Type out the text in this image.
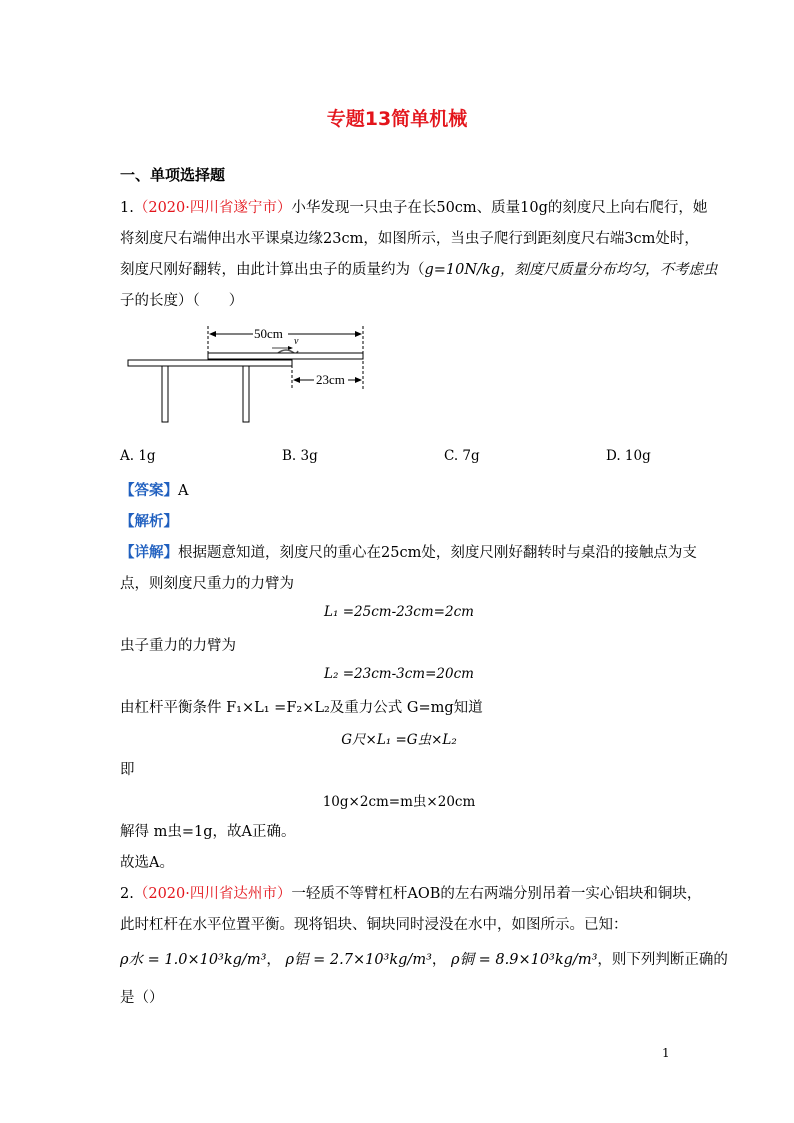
专题13简单机械
一、单项选择题
1.（2020·四川省遂宁市）小华发现一只虫子在长50cm、质量10g的刻度尺上向右爬行，她
将刻度尺右端伸出水平课桌边缘23cm，如图所示，当虫子爬行到距刻度尺右端3cm处时，
刻度尺刚好翻转，由此计算出虫子的质量约为（g=10N/kg，刻度尺质量分布均匀，不考虑虫
子的长度）（　　）
50cm
v
23cm
A. 1g	B. 3g	C. 7g	D. 10g
【答案】A
【解析】
【详解】根据题意知道，刻度尺的重心在25cm处，刻度尺刚好翻转时与桌沿的接触点为支
点，则刻度尺重力的力臂为
L₁ =25cm-23cm=2cm
虫子重力的力臂为
L₂ =23cm-3cm=20cm
由杠杆平衡条件 F₁×L₁ =F₂×L₂及重力公式 G=mg知道
G尺×L₁ =G虫×L₂
即
10g×2cm=m虫×20cm
解得 m虫=1g，故A正确。
故选A。
2.（2020·四川省达州市）一轻质不等臂杠杆AOB的左右两端分别吊着一实心铝块和铜块，
此时杠杆在水平位置平衡。现将铝块、铜块同时浸没在水中，如图所示。已知：
ρ水 = 1.0×10³kg/m³， ρ铝 = 2.7×10³kg/m³， ρ铜 = 8.9×10³kg/m³，则下列判断正确的
是（）
1
